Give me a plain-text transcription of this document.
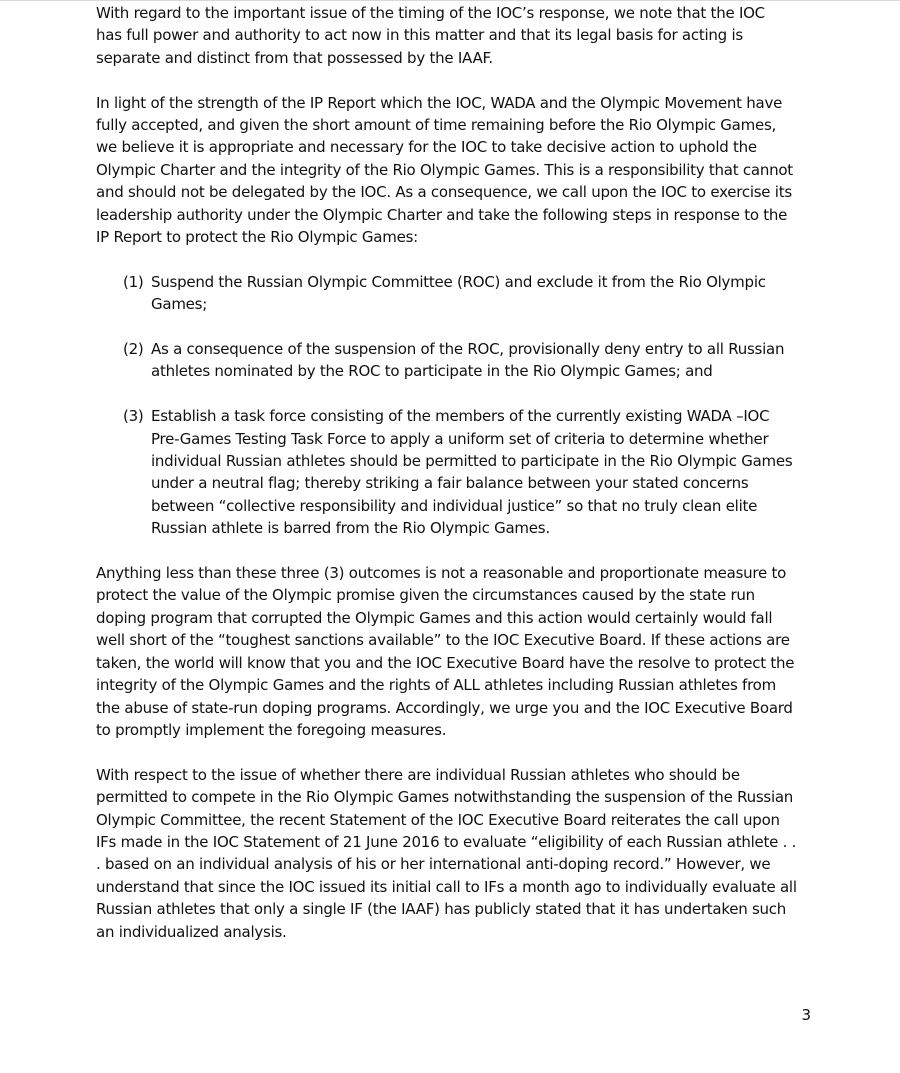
With regard to the important issue of the timing of the IOC’s response, we note that the IOC
has full power and authority to act now in this matter and that its legal basis for acting is
separate and distinct from that possessed by the IAAF.

In light of the strength of the IP Report which the IOC, WADA and the Olympic Movement have
fully accepted, and given the short amount of time remaining before the Rio Olympic Games,
we believe it is appropriate and necessary for the IOC to take decisive action to uphold the
Olympic Charter and the integrity of the Rio Olympic Games. This is a responsibility that cannot
and should not be delegated by the IOC. As a consequence, we call upon the IOC to exercise its
leadership authority under the Olympic Charter and take the following steps in response to the
IP Report to protect the Rio Olympic Games:

(1) Suspend the Russian Olympic Committee (ROC) and exclude it from the Rio Olympic
Games;
(2) As a consequence of the suspension of the ROC, provisionally deny entry to all Russian
athletes nominated by the ROC to participate in the Rio Olympic Games; and
(3) Establish a task force consisting of the members of the currently existing WADA –IOC
Pre-Games Testing Task Force to apply a uniform set of criteria to determine whether
individual Russian athletes should be permitted to participate in the Rio Olympic Games
under a neutral flag; thereby striking a fair balance between your stated concerns
between “collective responsibility and individual justice” so that no truly clean elite
Russian athlete is barred from the Rio Olympic Games.

Anything less than these three (3) outcomes is not a reasonable and proportionate measure to
protect the value of the Olympic promise given the circumstances caused by the state run
doping program that corrupted the Olympic Games and this action would certainly would fall
well short of the “toughest sanctions available” to the IOC Executive Board. If these actions are
taken, the world will know that you and the IOC Executive Board have the resolve to protect the
integrity of the Olympic Games and the rights of ALL athletes including Russian athletes from
the abuse of state-run doping programs. Accordingly, we urge you and the IOC Executive Board
to promptly implement the foregoing measures.

With respect to the issue of whether there are individual Russian athletes who should be
permitted to compete in the Rio Olympic Games notwithstanding the suspension of the Russian
Olympic Committee, the recent Statement of the IOC Executive Board reiterates the call upon
IFs made in the IOC Statement of 21 June 2016 to evaluate “eligibility of each Russian athlete . .
. based on an individual analysis of his or her international anti-doping record.” However, we
understand that since the IOC issued its initial call to IFs a month ago to individually evaluate all
Russian athletes that only a single IF (the IAAF) has publicly stated that it has undertaken such
an individualized analysis.

3
